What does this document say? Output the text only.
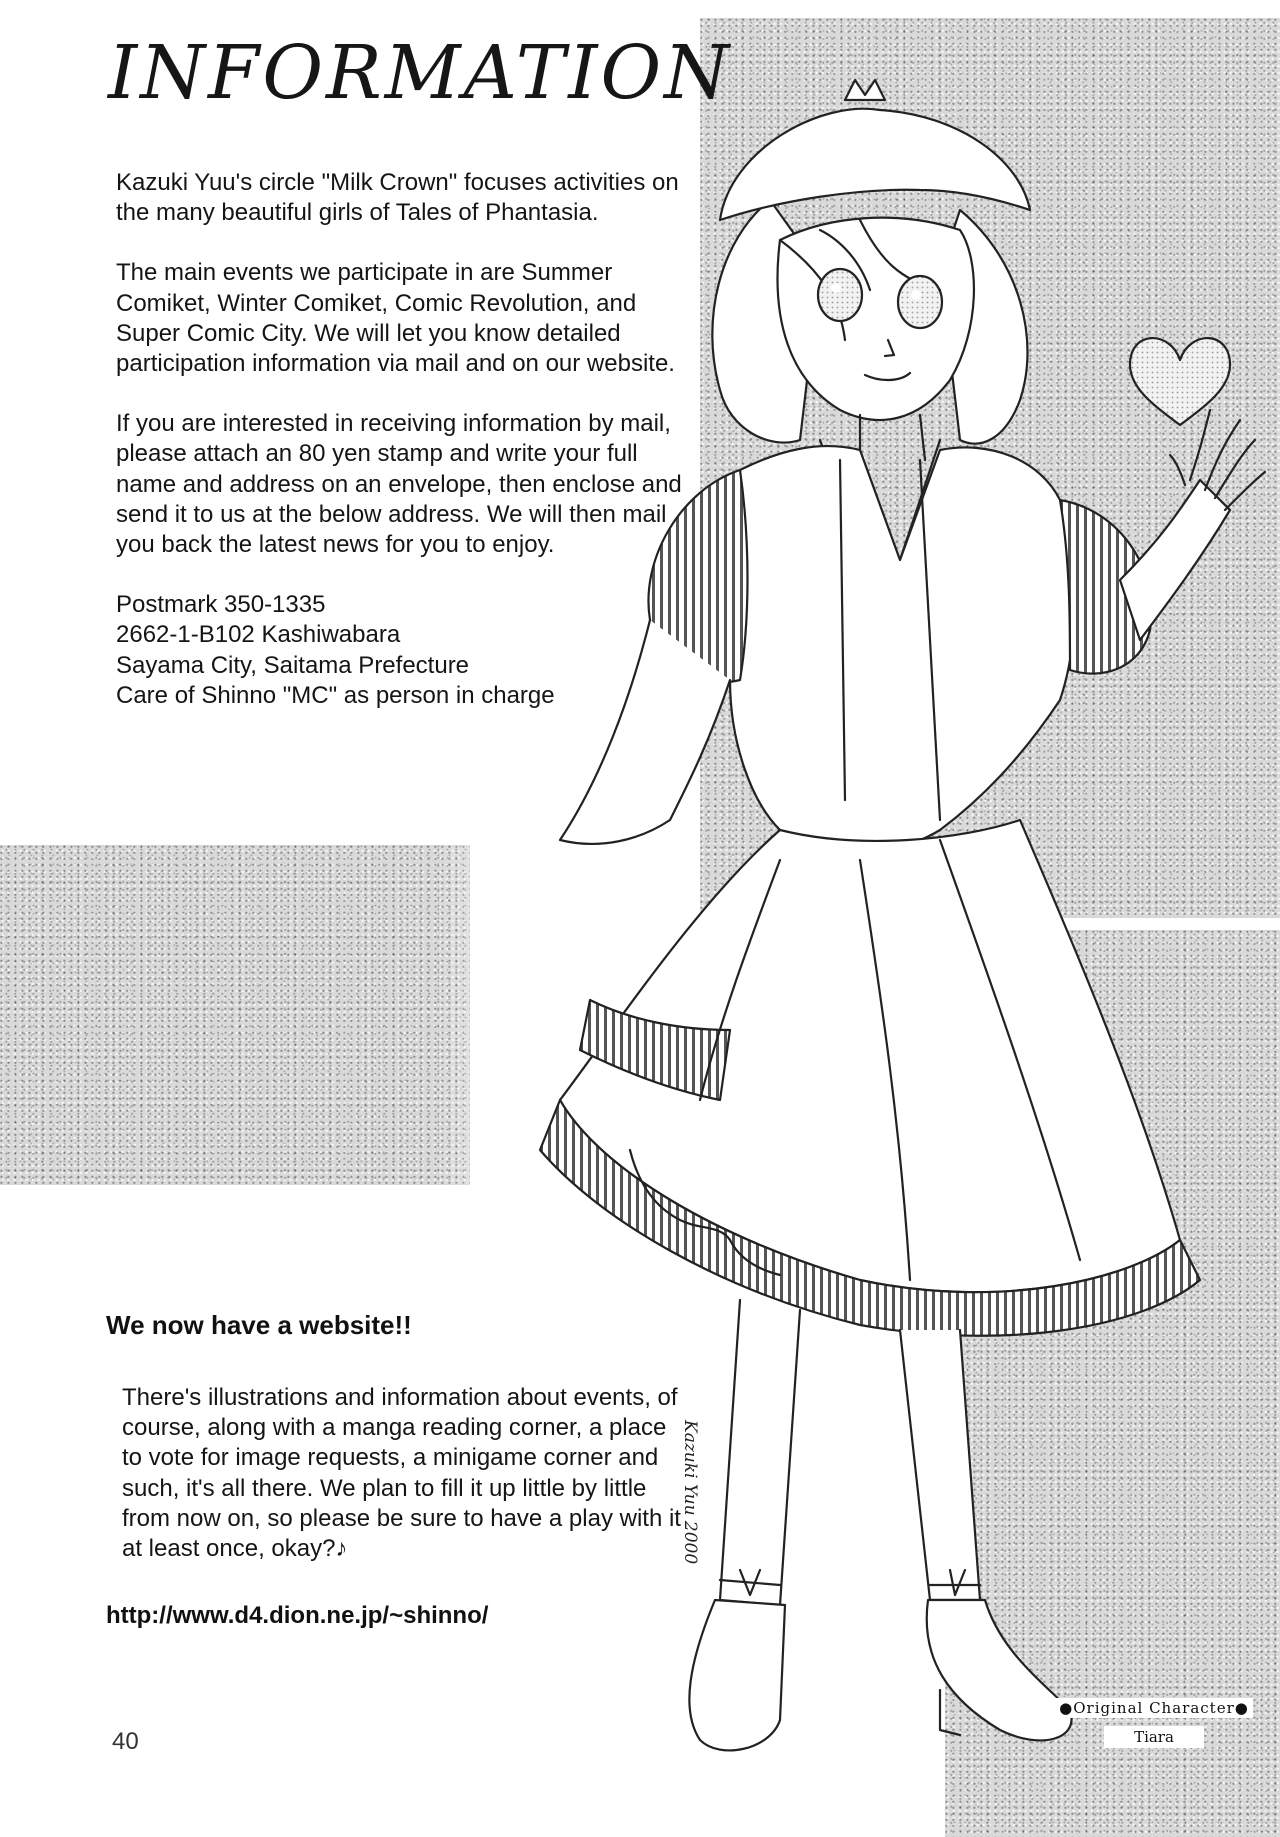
INFORMATION

Kazuki Yuu's circle "Milk Crown" focuses activities on the many beautiful girls of Tales of Phantasia.

The main events we participate in are Summer Comiket, Winter Comiket, Comic Revolution, and Super Comic City. We will let you know detailed participation information via mail and on our website.

If you are interested in receiving information by mail, please attach an 80 yen stamp and write your full name and address on an envelope, then enclose and send it to us at the below address. We will then mail you back the latest news for you to enjoy.

Postmark 350-1335
2662-1-B102 Kashiwabara
Sayama City, Saitama Prefecture
Care of Shinno "MC" as person in charge

We now have a website!!

There's illustrations and information about events, of course, along with a manga reading corner, a place to vote for image requests, a minigame corner and such, it's all there. We plan to fill it up little by little from now on, so please be sure to have a play with it at least once, okay?♪

http://www.d4.dion.ne.jp/~shinno/

Kazuki Yuu 2000
●Original Character●
Tiara
40
